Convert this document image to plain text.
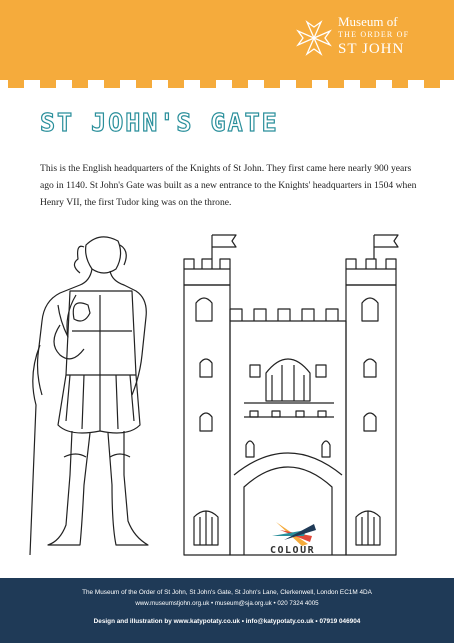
Museum of
THE ORDER OF
ST JOHN
ST JOHN'S GATE

This is the English headquarters of the Knights of St John. They first came here nearly 900 years ago in 1140. St John's Gate was built as a new entrance to the Knights' headquarters in 1504 when Henry VII, the first Tudor king was on the throne.

COLOUR
The Museum of the Order of St John, St John's Gate, St John's Lane, Clerkenwell, London EC1M 4DA
www.museumstjohn.org.uk • museum@sja.org.uk • 020 7324 4005
Design and illustration by www.katypotaty.co.uk • info@katypotaty.co.uk • 07919 046904
